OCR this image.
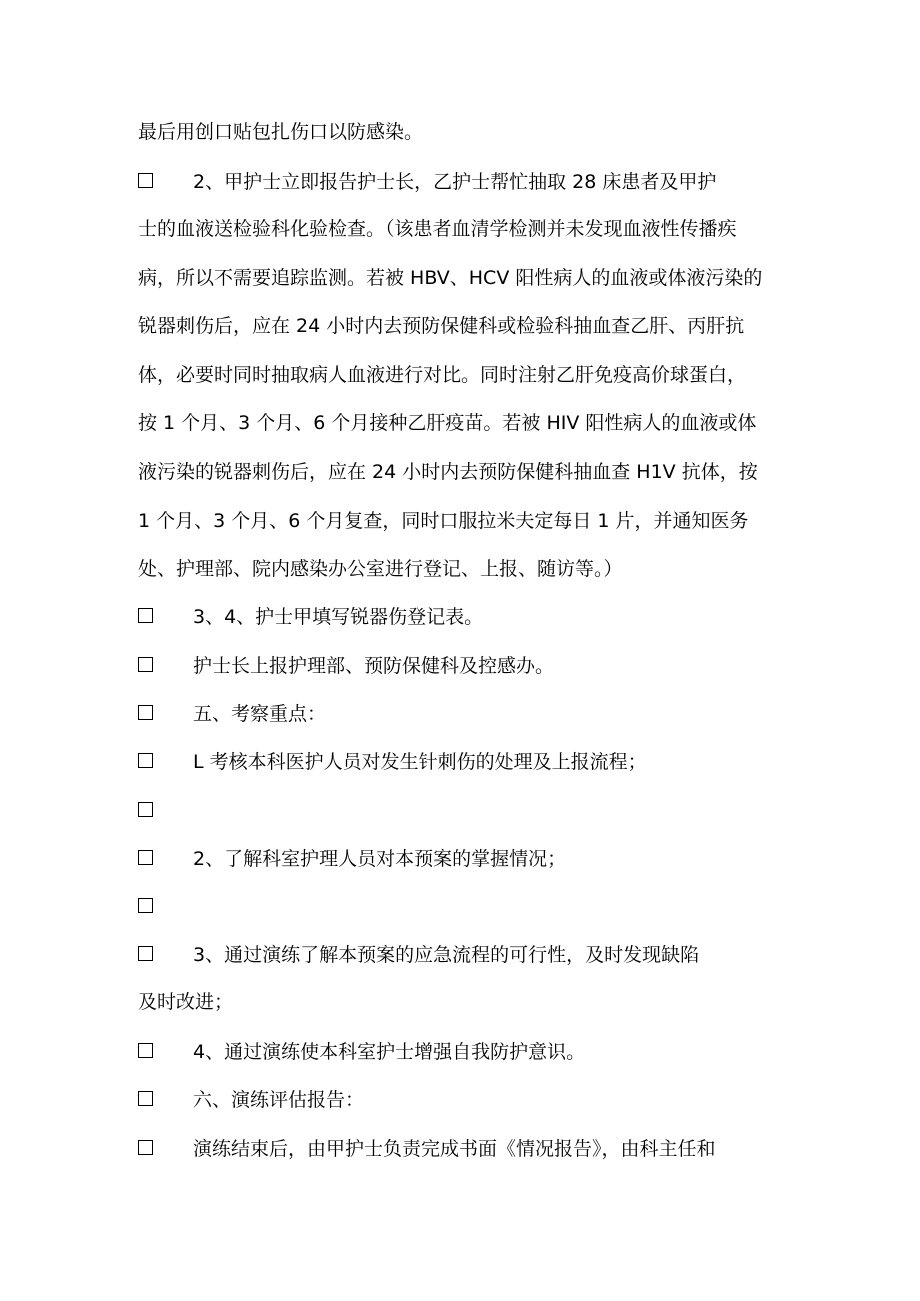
最后用创口贴包扎伤口以防感染。
2、甲护士立即报告护士长，乙护士帮忙抽取 28 床患者及甲护
士的血液送检验科化验检查。（该患者血清学检测并未发现血液性传播疾
病，所以不需要追踪监测。若被 HBV、HCV 阳性病人的血液或体液污染的
锐器刺伤后，应在 24 小时内去预防保健科或检验科抽血查乙肝、丙肝抗
体，必要时同时抽取病人血液进行对比。同时注射乙肝免疫高价球蛋白，
按 1 个月、3 个月、6 个月接种乙肝疫苗。若被 HIV 阳性病人的血液或体
液污染的锐器刺伤后，应在 24 小时内去预防保健科抽血查 H1V 抗体，按
1 个月、3 个月、6 个月复查，同时口服拉米夫定每日 1 片，并通知医务
处、护理部、院内感染办公室进行登记、上报、随访等。）
3、4、护士甲填写锐器伤登记表。
护士长上报护理部、预防保健科及控感办。
五、考察重点：
L 考核本科医护人员对发生针刺伤的处理及上报流程；
2、了解科室护理人员对本预案的掌握情况；
3、通过演练了解本预案的应急流程的可行性，及时发现缺陷
及时改进；
4、通过演练使本科室护士增强自我防护意识。
六、演练评估报告：
演练结束后，由甲护士负责完成书面《情况报告》，由科主任和
